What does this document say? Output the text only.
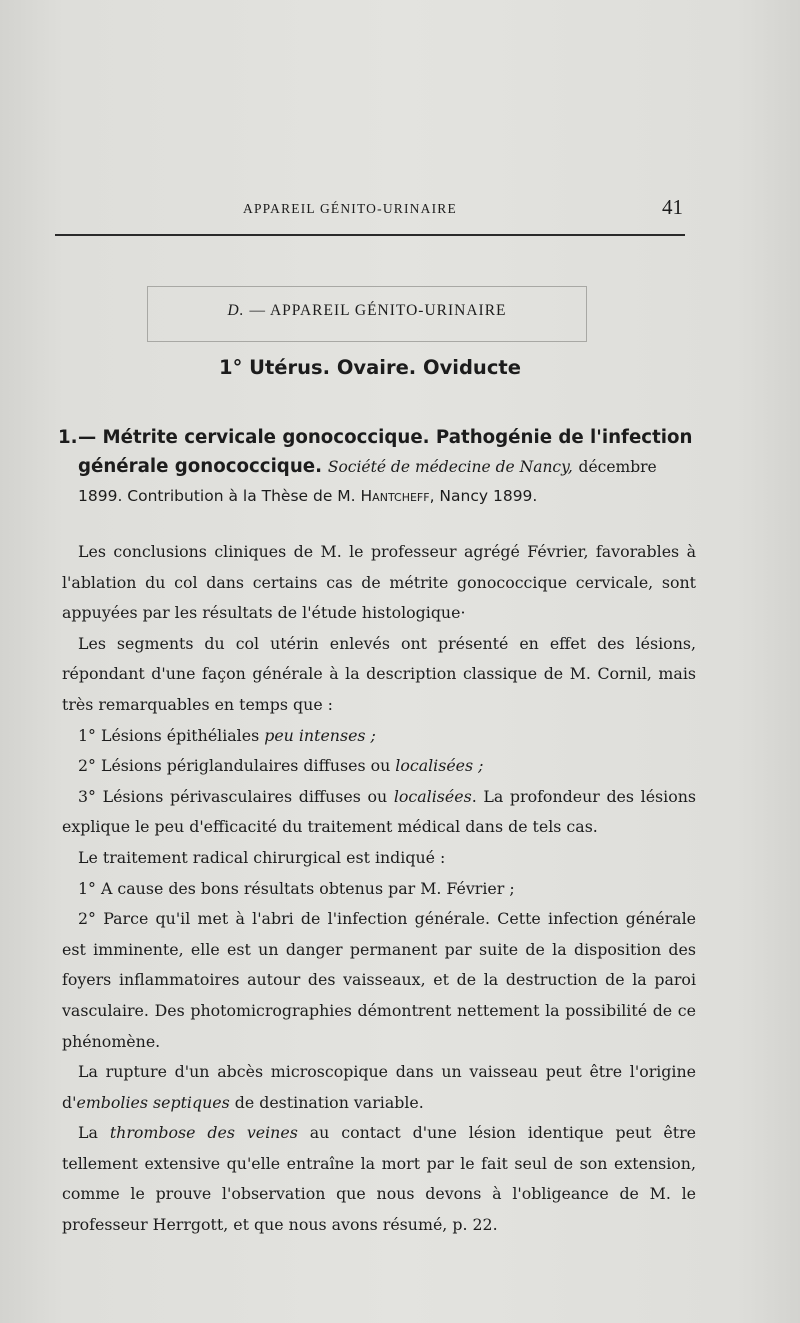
APPAREIL GÉNITO-URINAIRE	41
D. — APPAREIL GÉNITO-URINAIRE
1° Utérus. Ovaire. Oviducte
1.— Métrite cervicale gonococcique. Pathogénie de l'infection
générale gonococcique. Société de médecine de Nancy, décembre
1899. Contribution à la Thèse de M. Hantcheff, Nancy 1899.

Les conclusions cliniques de M. le professeur agrégé Février, favorables à l'ablation du col dans certains cas de métrite gonococcique cervicale, sont appuyées par les résultats de l'étude histologique·

Les segments du col utérin enlevés ont présenté en effet des lésions, répondant d'une façon générale à la description classique de M. Cornil, mais très remarquables en temps que :

1° Lésions épithéliales peu intenses ;

2° Lésions périglandulaires diffuses ou localisées ;

3° Lésions périvasculaires diffuses ou localisées. La profondeur des lésions explique le peu d'efficacité du traitement médical dans de tels cas.

Le traitement radical chirurgical est indiqué :

1° A cause des bons résultats obtenus par M. Février ;

2° Parce qu'il met à l'abri de l'infection générale. Cette infection générale est imminente, elle est un danger permanent par suite de la disposition des foyers inflammatoires autour des vaisseaux, et de la destruction de la paroi vasculaire. Des photomicrographies démontrent nettement la possibilité de ce phénomène.

La rupture d'un abcès microscopique dans un vaisseau peut être l'origine d'embolies septiques de destination variable.

La thrombose des veines au contact d'une lésion identique peut être tellement extensive qu'elle entraîne la mort par le fait seul de son extension, comme le prouve l'observation que nous devons à l'obligeance de M. le professeur Herrgott, et que nous avons résumé, p. 22.
